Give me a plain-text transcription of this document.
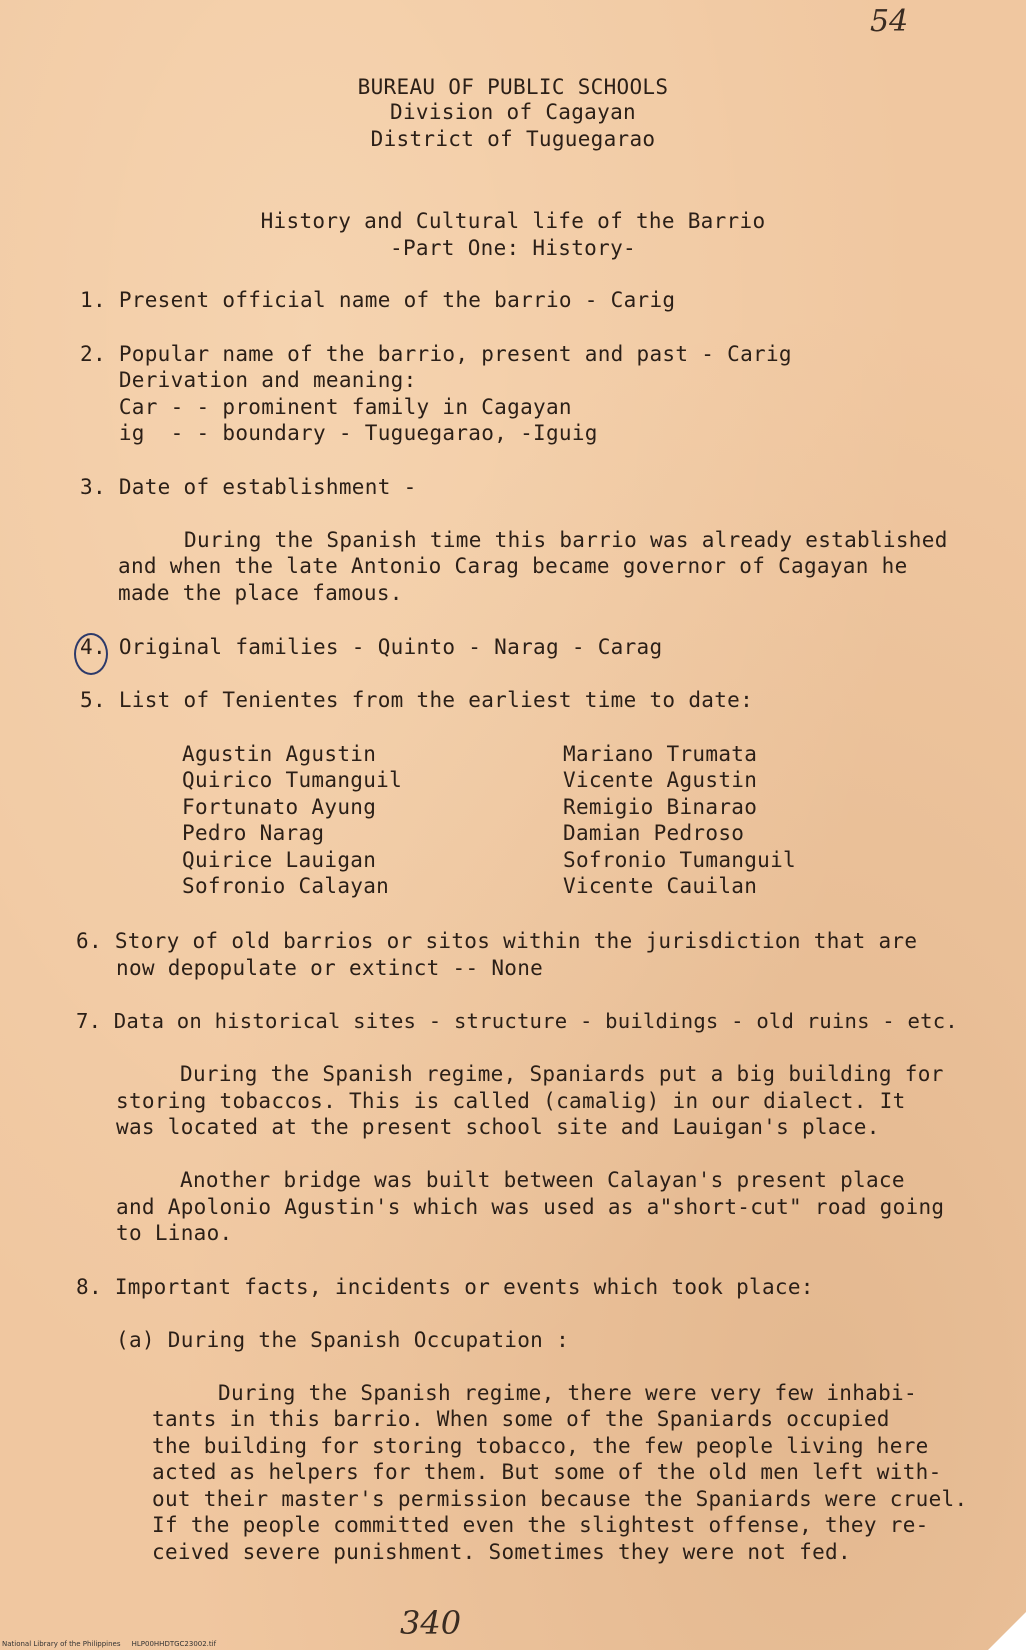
54
BUREAU OF PUBLIC SCHOOLS
Division of Cagayan
District of Tuguegarao
History and Cultural life of the Barrio
-Part One: History-
1. Present official name of the barrio - Carig
2. Popular name of the barrio, present and past - Carig
Derivation and meaning:
Car - - prominent family in Cagayan
ig  - - boundary - Tuguegarao, -Iguig
3. Date of establishment -
During the Spanish time this barrio was already established
and when the late Antonio Carag became governor of Cagayan he
made the place famous.
4. Original families - Quinto - Narag - Carag
5. List of Tenientes from the earliest time to date:
Agustin Agustin
Quirico Tumanguil
Fortunato Ayung
Pedro Narag
Quirice Lauigan
Sofronio Calayan
Mariano Trumata
Vicente Agustin
Remigio Binarao
Damian Pedroso
Sofronio Tumanguil
Vicente Cauilan
6. Story of old barrios or sitos within the jurisdiction that are
now depopulate or extinct -- None
7. Data on historical sites - structure - buildings - old ruins - etc.
During the Spanish regime, Spaniards put a big building for
storing tobaccos. This is called (camalig) in our dialect. It
was located at the present school site and Lauigan's place.
Another bridge was built between Calayan's present place
and Apolonio Agustin's which was used as a"short-cut" road going
to Linao.
8. Important facts, incidents or events which took place:
(a) During the Spanish Occupation :
During the Spanish regime, there were very few inhabi-
tants in this barrio. When some of the Spaniards occupied
the building for storing tobacco, the few people living here
acted as helpers for them. But some of the old men left with-
out their master's permission because the Spaniards were cruel.
If the people committed even the slightest offense, they re-
ceived severe punishment. Sometimes they were not fed.
340
National Library of the Philippines     HLP00HHDTGC23002.tif
